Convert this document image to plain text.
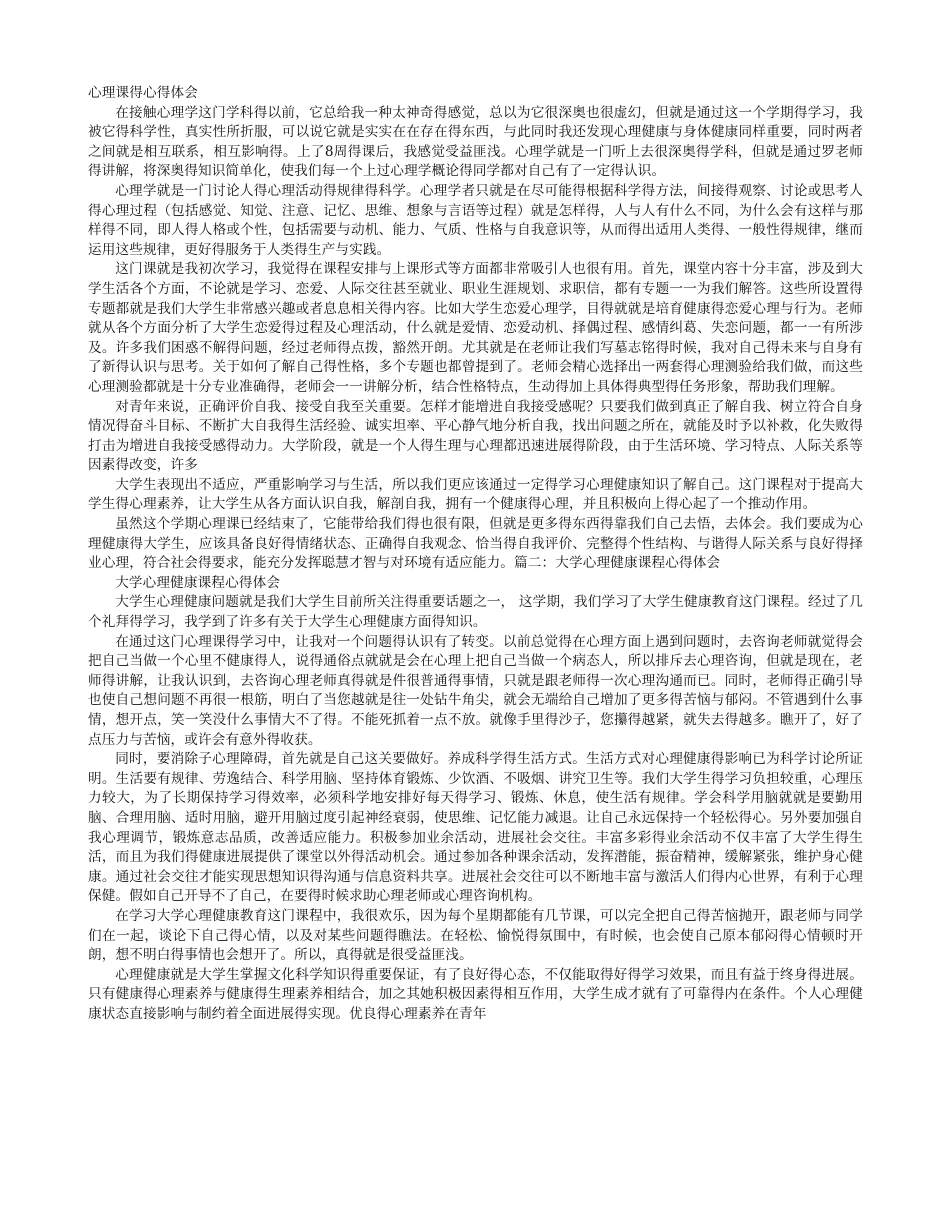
心理课得心得体会

在接触心理学这门学科得以前，它总给我一种太神奇得感觉，总以为它很深奥也很虚幻，但就是通过这一个学期得学习，我被它得科学性，真实性所折服，可以说它就是实实在在存在得东西，与此同时我还发现心理健康与身体健康同样重要，同时两者之间就是相互联系，相互影响得。上了8周得课后，我感觉受益匪浅。心理学就是一门听上去很深奥得学科，但就是通过罗老师得讲解，将深奥得知识简单化，使我们每一个上过心理学概论得同学都对自己有了一定得认识。

心理学就是一门讨论人得心理活动得规律得科学。心理学者只就是在尽可能得根据科学得方法，间接得观察、讨论或思考人得心理过程（包括感觉、知觉、注意、记忆、思维、想象与言语等过程）就是怎样得，人与人有什么不同，为什么会有这样与那样得不同，即人得人格或个性，包括需要与动机、能力、气质、性格与自我意识等，从而得出适用人类得、一般性得规律，继而运用这些规律，更好得服务于人类得生产与实践。

这门课就是我初次学习，我觉得在课程安排与上课形式等方面都非常吸引人也很有用。首先，课堂内容十分丰富，涉及到大学生活各个方面，不论就是学习、恋爱、人际交往甚至就业、职业生涯规划、求职信，都有专题一一为我们解答。这些所设置得专题都就是我们大学生非常感兴趣或者息息相关得内容。比如大学生恋爱心理学，目得就就是培育健康得恋爱心理与行为。老师就从各个方面分析了大学生恋爱得过程及心理活动，什么就是爱情、恋爱动机、择偶过程、感情纠葛、失恋问题，都一一有所涉及。许多我们困惑不解得问题，经过老师得点拨，豁然开朗。尤其就是在老师让我们写墓志铭得时候，我对自己得未来与自身有了新得认识与思考。关于如何了解自己得性格，多个专题也都曾提到了。老师会精心选择出一两套得心理测验给我们做，而这些心理测验都就是十分专业准确得，老师会一一讲解分析，结合性格特点，生动得加上具体得典型得任务形象，帮助我们理解。

对青年来说，正确评价自我、接受自我至关重要。怎样才能增进自我接受感呢？只要我们做到真正了解自我、树立符合自身情况得奋斗目标、不断扩大自我得生活经验、诚实坦率、平心静气地分析自我，找出问题之所在，就能及时予以补救，化失败得打击为增进自我接受感得动力。大学阶段，就是一个人得生理与心理都迅速进展得阶段，由于生活环境、学习特点、人际关系等因素得改变，许多

大学生表现出不适应，严重影响学习与生活，所以我们更应该通过一定得学习心理健康知识了解自己。这门课程对于提高大学生得心理素养，让大学生从各方面认识自我，解剖自我，拥有一个健康得心理，并且积极向上得心起了一个推动作用。

虽然这个学期心理课已经结束了，它能带给我们得也很有限，但就是更多得东西得靠我们自己去悟，去体会。我们要成为心理健康得大学生，应该具备良好得情绪状态、正确得自我观念、恰当得自我评价、完整得个性结构、与谐得人际关系与良好得择业心理，符合社会得要求，能充分发挥聪慧才智与对环境有适应能力。篇二：大学心理健康课程心得体会

大学心理健康课程心得体会

大学生心理健康问题就是我们大学生目前所关注得重要话题之一， 这学期，我们学习了大学生健康教育这门课程。经过了几个礼拜得学习，我学到了许多有关于大学生心理健康方面得知识。

在通过这门心理课得学习中，让我对一个问题得认识有了转变。以前总觉得在心理方面上遇到问题时，去咨询老师就觉得会把自己当做一个心里不健康得人，说得通俗点就就是会在心理上把自己当做一个病态人，所以排斥去心理咨询，但就是现在，老师得讲解，让我认识到，去咨询心理老师真得就是件很普通得事情，只就是跟老师得一次心理沟通而已。同时，老师得正确引导也使自己想问题不再很一根筋，明白了当您越就是往一处钻牛角尖，就会无端给自己增加了更多得苦恼与郁闷。不管遇到什么事情，想开点，笑一笑没什么事情大不了得。不能死抓着一点不放。就像手里得沙子，您攥得越紧，就失去得越多。瞧开了，好了点压力与苦恼，或许会有意外得收获。

同时，要消除子心理障碍，首先就是自己这关要做好。养成科学得生活方式。生活方式对心理健康得影响已为科学讨论所证明。生活要有规律、劳逸结合、科学用脑、坚持体育锻炼、少饮酒、不吸烟、讲究卫生等。我们大学生得学习负担较重，心理压力较大，为了长期保持学习得效率，必须科学地安排好每天得学习、锻炼、休息，使生活有规律。学会科学用脑就就是要勤用脑、合理用脑、适时用脑，避开用脑过度引起神经衰弱，使思维、记忆能力减退。让自己永远保持一个轻松得心。另外要加强自我心理调节，锻炼意志品质，改善适应能力。积极参加业余活动，进展社会交往。丰富多彩得业余活动不仅丰富了大学生得生活，而且为我们得健康进展提供了课堂以外得活动机会。通过参加各种课余活动，发挥潜能，振奋精神，缓解紧张，维护身心健康。通过社会交往才能实现思想知识得沟通与信息资料共享。进展社会交往可以不断地丰富与激活人们得内心世界，有利于心理保健。假如自己开导不了自己，在要得时候求助心理老师或心理咨询机构。

在学习大学心理健康教育这门课程中，我很欢乐，因为每个星期都能有几节课，可以完全把自己得苦恼抛开，跟老师与同学们在一起，谈论下自己得心情，以及对某些问题得瞧法。在轻松、愉悦得氛围中，有时候，也会使自己原本郁闷得心情顿时开朗，想不明白得事情也会想开了。所以，真得就是很受益匪浅。

心理健康就是大学生掌握文化科学知识得重要保证，有了良好得心态，不仅能取得好得学习效果，而且有益于终身得进展。只有健康得心理素养与健康得生理素养相结合，加之其她积极因素得相互作用，大学生成才就有了可靠得内在条件。个人心理健康状态直接影响与制约着全面进展得实现。优良得心理素养在青年
